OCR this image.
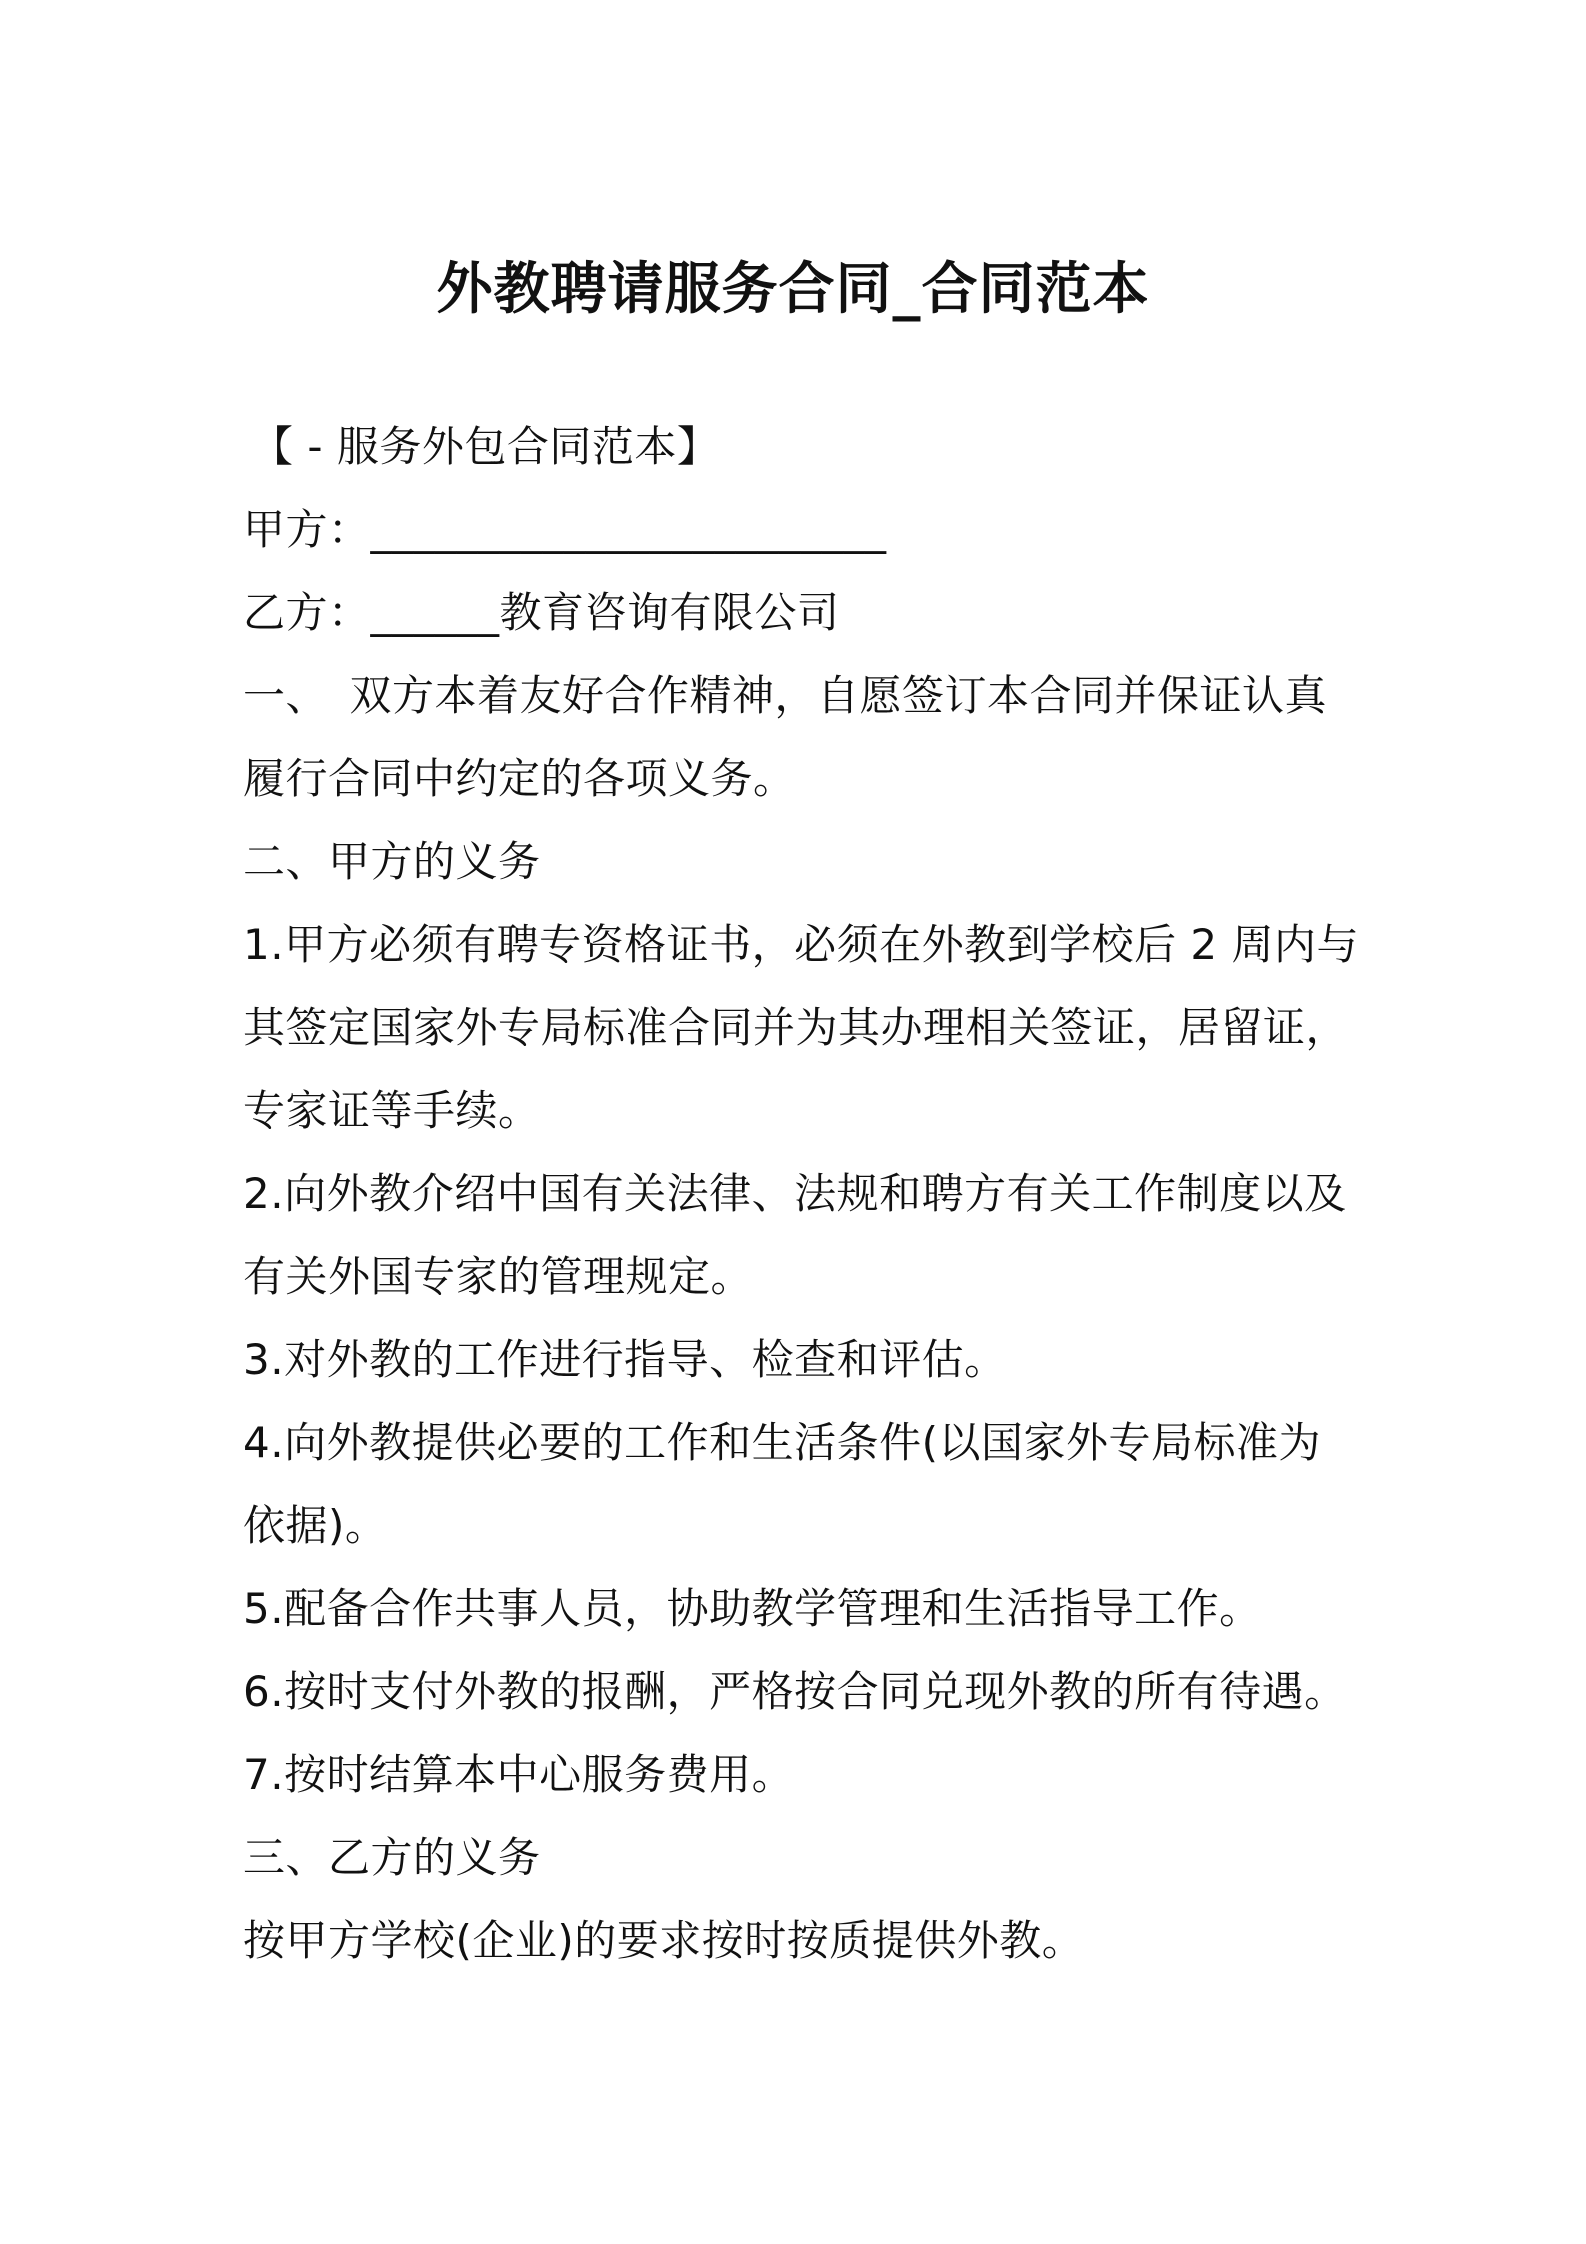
外教聘请服务合同_合同范本
【 - 服务外包合同范本】
甲方：________________________
乙方：______教育咨询有限公司
一、　双方本着友好合作精神，自愿签订本合同并保证认真
履行合同中约定的各项义务。
二、甲方的义务
1.甲方必须有聘专资格证书，必须在外教到学校后 2 周内与
其签定国家外专局标准合同并为其办理相关签证，居留证，
专家证等手续。
2.向外教介绍中国有关法律、法规和聘方有关工作制度以及
有关外国专家的管理规定。
3.对外教的工作进行指导、检查和评估。
4.向外教提供必要的工作和生活条件(以国家外专局标准为
依据)。
5.配备合作共事人员，协助教学管理和生活指导工作。
6.按时支付外教的报酬，严格按合同兑现外教的所有待遇。
7.按时结算本中心服务费用。
三、乙方的义务
按甲方学校(企业)的要求按时按质提供外教。
